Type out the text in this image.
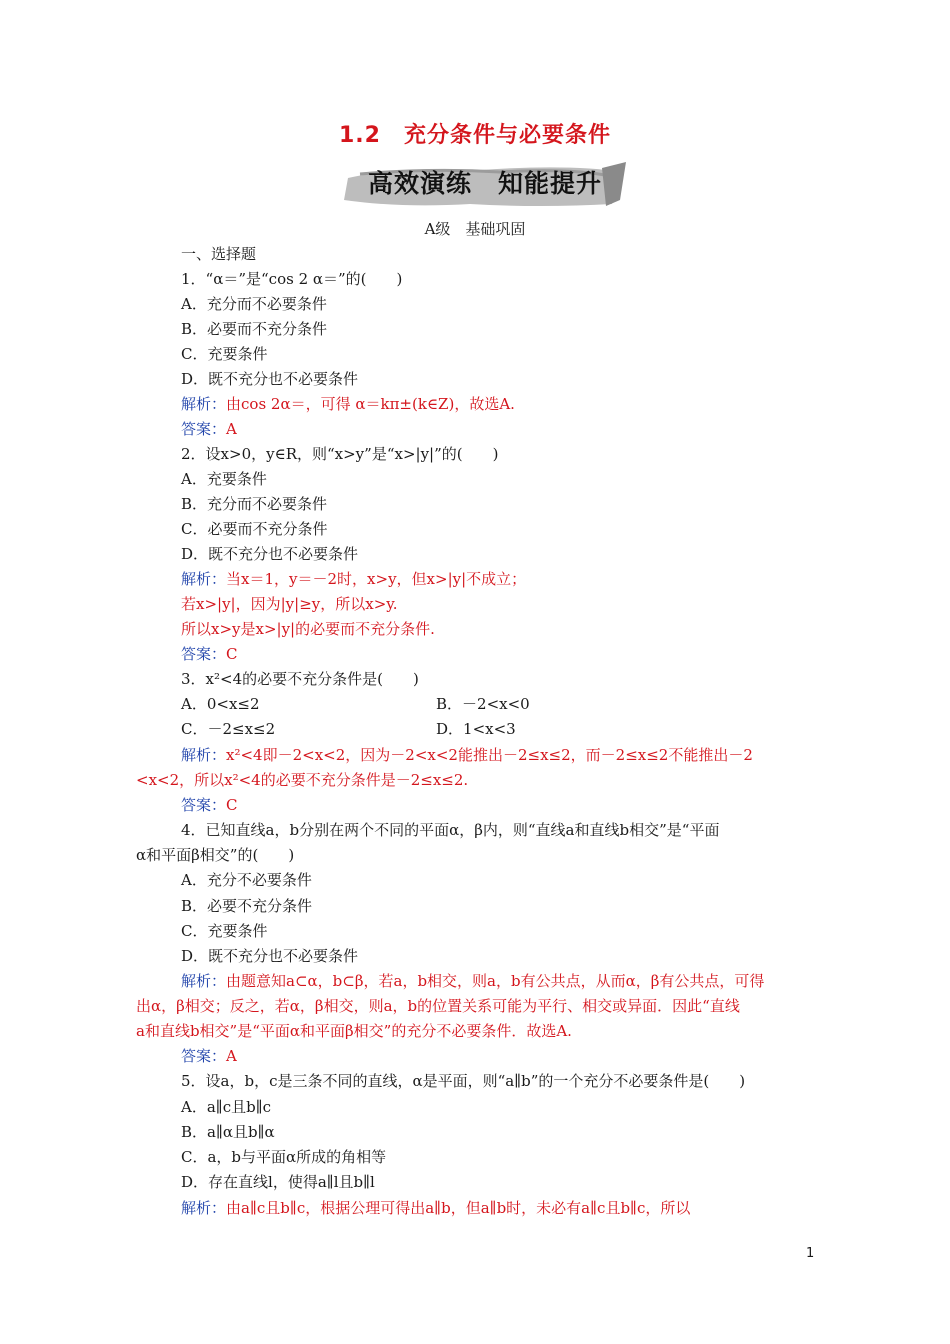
1.2　充分条件与必要条件
高效演练　知能提升
A级　基础巩固
一、选择题
1．“α＝”是“cos 2 α＝”的(　　)
A．充分而不必要条件
B．必要而不充分条件
C．充要条件
D．既不充分也不必要条件
解析：由cos 2α＝，可得 α＝kπ±(k∈Z)，故选A.
答案：A
2．设x>0，y∈R，则“x>y”是“x>|y|”的(　　)
A．充要条件
B．充分而不必要条件
C．必要而不充分条件
D．既不充分也不必要条件
解析：当x＝1，y＝－2时，x>y，但x>|y|不成立；
若x>|y|，因为|y|≥y，所以x>y.
所以x>y是x>|y|的必要而不充分条件.
答案：C
3．x²<4的必要不充分条件是(　　)
A．0<x≤2	B．－2<x<0
C．－2≤x≤2	D．1<x<3
解析：x²<4即－2<x<2，因为－2<x<2能推出－2≤x≤2，而－2≤x≤2不能推出－2
<x<2，所以x²<4的必要不充分条件是－2≤x≤2.
答案：C
4．已知直线a，b分别在两个不同的平面α，β内，则“直线a和直线b相交”是“平面
α和平面β相交”的(　　)
A．充分不必要条件
B．必要不充分条件
C．充要条件
D．既不充分也不必要条件
解析：由题意知a⊂α，b⊂β，若a，b相交，则a，b有公共点，从而α，β有公共点，可得
出α，β相交；反之，若α，β相交，则a，b的位置关系可能为平行、相交或异面．因此“直线
a和直线b相交”是“平面α和平面β相交”的充分不必要条件．故选A.
答案：A
5．设a，b，c是三条不同的直线，α是平面，则“a∥b”的一个充分不必要条件是(　　)
A．a∥c且b∥c
B．a∥α且b∥α
C．a，b与平面α所成的角相等
D．存在直线l，使得a∥l且b∥l
解析：由a∥c且b∥c，根据公理可得出a∥b，但a∥b时，未必有a∥c且b∥c，所以
1
